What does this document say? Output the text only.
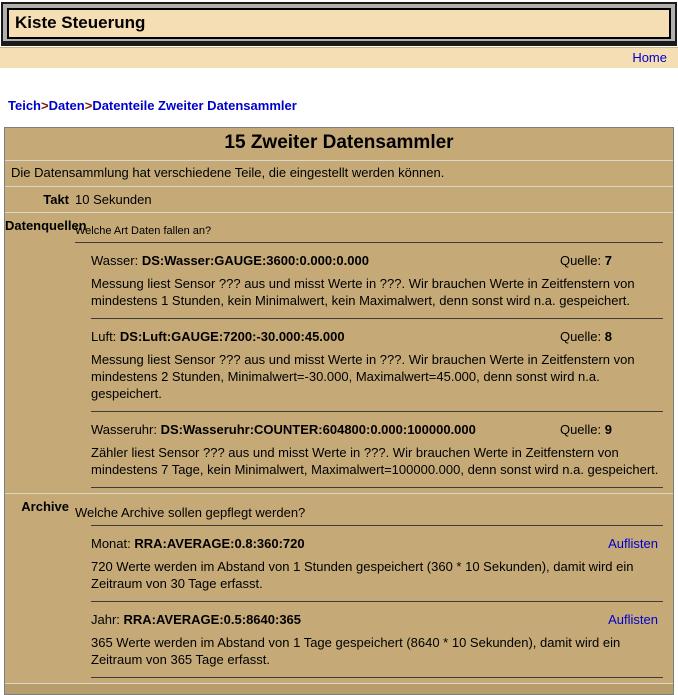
Kiste Steuerung
Home
Teich>Daten>Datenteile Zweiter Datensammler
15 Zweiter Datensammler
Die Datensammlung hat verschiedene Teile, die eingestellt werden können.
Takt 10 Sekunden
Datenquellen
Welche Art Daten fallen an?
Wasser: DS:Wasser:GAUGE:3600:0.000:0.000	Quelle: 7
Messung liest Sensor ??? aus und misst Werte in ???. Wir brauchen Werte in Zeitfenstern von mindestens 1 Stunden, kein Minimalwert, kein Maximalwert, denn sonst wird n.a. gespeichert.
Luft: DS:Luft:GAUGE:7200:-30.000:45.000	Quelle: 8
Messung liest Sensor ??? aus und misst Werte in ???. Wir brauchen Werte in Zeitfenstern von mindestens 2 Stunden, Minimalwert=-30.000, Maximalwert=45.000, denn sonst wird n.a. gespeichert.
Wasseruhr: DS:Wasseruhr:COUNTER:604800:0.000:100000.000	Quelle: 9
Zähler liest Sensor ??? aus und misst Werte in ???. Wir brauchen Werte in Zeitfenstern von mindestens 7 Tage, kein Minimalwert, Maximalwert=100000.000, denn sonst wird n.a. gespeichert.
Archive Welche Archive sollen gepflegt werden?
Monat: RRA:AVERAGE:0.8:360:720	Auflisten
720 Werte werden im Abstand von 1 Stunden gespeichert (360 * 10 Sekunden), damit wird ein Zeitraum von 30 Tage erfasst.
Jahr: RRA:AVERAGE:0.5:8640:365	Auflisten
365 Werte werden im Abstand von 1 Tage gespeichert (8640 * 10 Sekunden), damit wird ein Zeitraum von 365 Tage erfasst.
